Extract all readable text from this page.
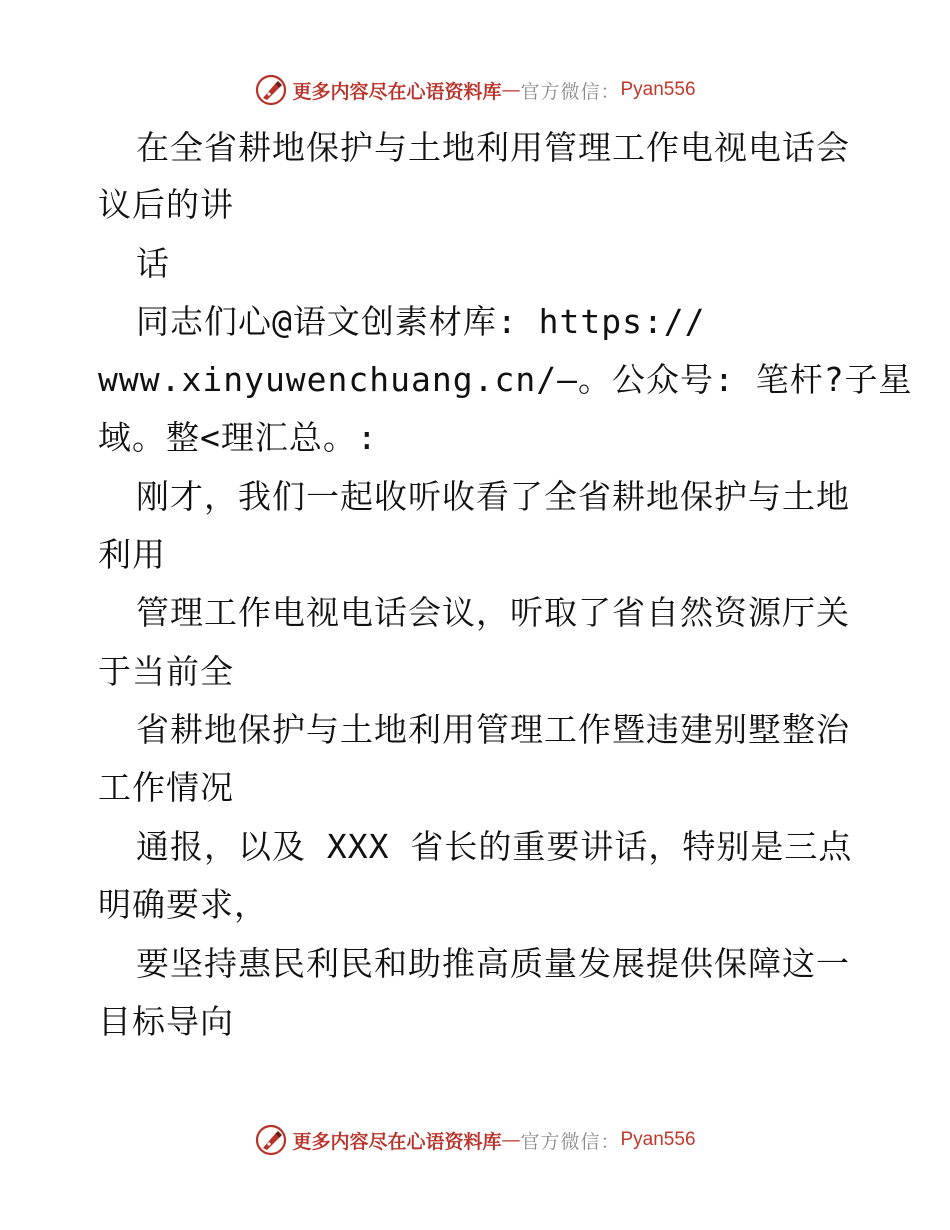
更多内容尽在心语资料库 — 官方微信： Pyan556
在全省耕地保护与土地利用管理工作电视电话会
议后的讲
话
同志们心@语文创素材库: https://
www.xinyuwenchuang.cn/—。公众号: 笔杆?子星
域。整<理汇总。:
刚才，我们一起收听收看了全省耕地保护与土地
利用
管理工作电视电话会议，听取了省自然资源厅关
于当前全
省耕地保护与土地利用管理工作暨违建别墅整治
工作情况
通报，以及 XXX 省长的重要讲话，特别是三点
明确要求，
要坚持惠民利民和助推高质量发展提供保障这一
目标导向
更多内容尽在心语资料库 — 官方微信： Pyan556
